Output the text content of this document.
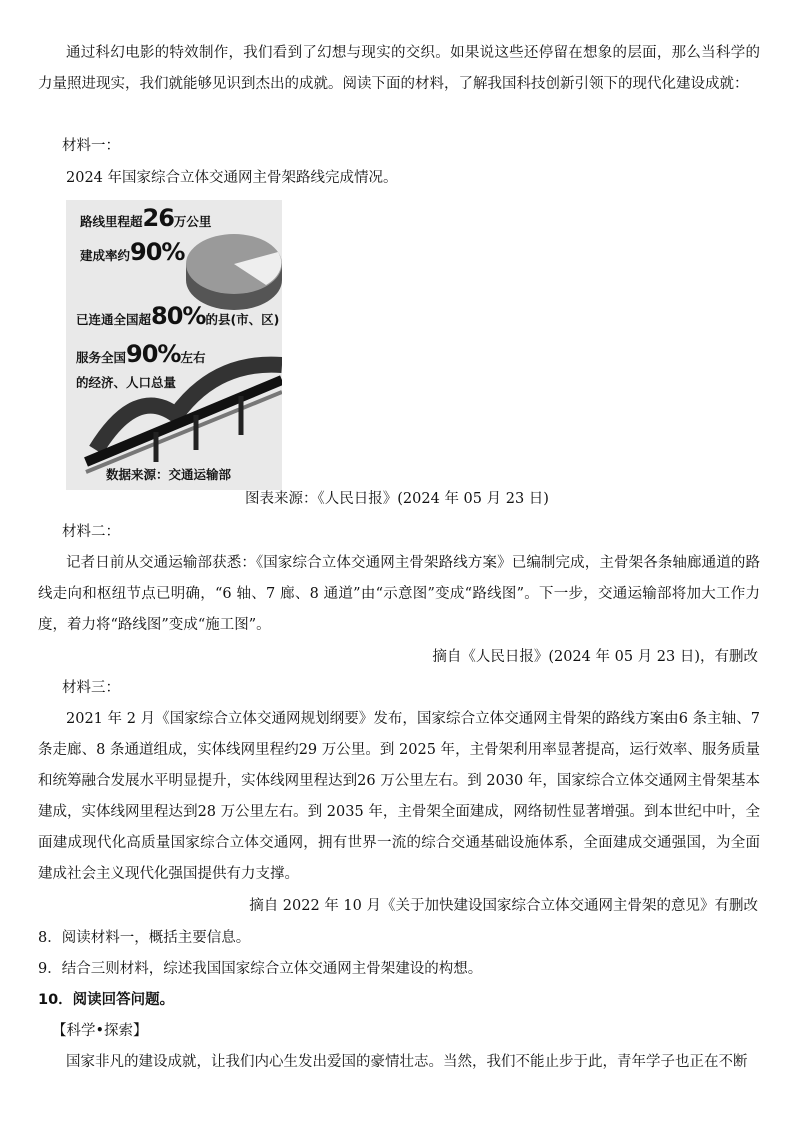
通过科幻电影的特效制作，我们看到了幻想与现实的交织。如果说这些还停留在想象的层面，那么当科学的力量照进现实，我们就能够见识到杰出的成就。阅读下面的材料，了解我国科技创新引领下的现代化建设成就：

材料一：

2024 年国家综合立体交通网主骨架路线完成情况。

路线里程超26万公里
建成率约90%
已连通全国超80%的县(市、区)
服务全国90%左右
的经济、人口总量
数据来源：交通运输部

图表来源：《人民日报》(2024 年 05 月 23 日)

材料二：

记者日前从交通运输部获悉：《国家综合立体交通网主骨架路线方案》已编制完成，主骨架各条轴廊通道的路线走向和枢纽节点已明确，“6 轴、7 廊、8 通道”由“示意图”变成“路线图”。下一步，交通运输部将加大工作力度，着力将“路线图”变成“施工图”。

摘自《人民日报》(2024 年 05 月 23 日)，有删改

材料三：

2021 年 2 月《国家综合立体交通网规划纲要》发布，国家综合立体交通网主骨架的路线方案由6 条主轴、7 条走廊、8 条通道组成，实体线网里程约29 万公里。到 2025 年，主骨架利用率显著提高，运行效率、服务质量和统筹融合发展水平明显提升，实体线网里程达到26 万公里左右。到 2030 年，国家综合立体交通网主骨架基本建成，实体线网里程达到28 万公里左右。到 2035 年，主骨架全面建成，网络韧性显著增强。到本世纪中叶，全面建成现代化高质量国家综合立体交通网，拥有世界一流的综合交通基础设施体系，全面建成交通强国，为全面建成社会主义现代化强国提供有力支撑。

摘自 2022 年 10 月《关于加快建设国家综合立体交通网主骨架的意见》有删改

8．阅读材料一，概括主要信息。

9．结合三则材料，综述我国国家综合立体交通网主骨架建设的构想。

10．阅读回答问题。

【科学•探索】

国家非凡的建设成就，让我们内心生发出爱国的豪情壮志。当然，我们不能止步于此，青年学子也正在不断
